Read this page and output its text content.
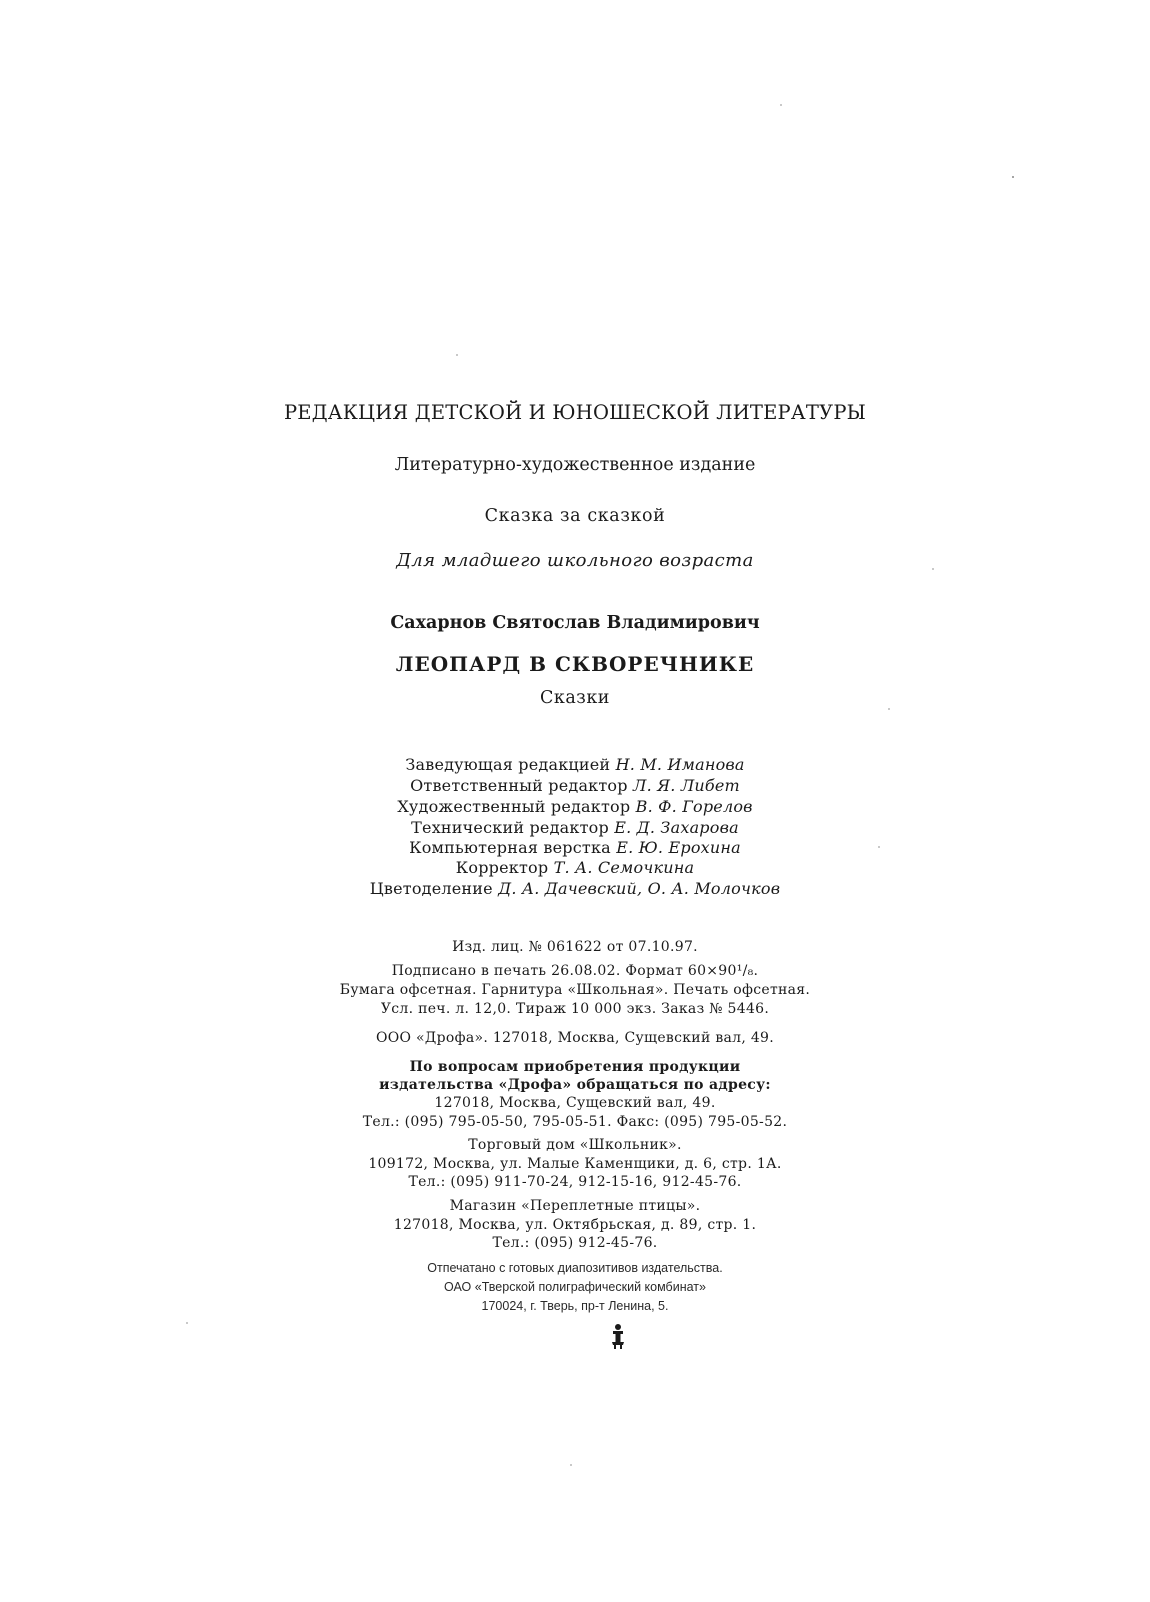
РЕДАКЦИЯ ДЕТСКОЙ И ЮНОШЕСКОЙ ЛИТЕРАТУРЫ
Литературно-художественное издание
Сказка за сказкой
Для младшего школьного возраста
Сахарнов Святослав Владимирович
ЛЕОПАРД В СКВОРЕЧНИКЕ
Сказки
Заведующая редакцией Н. М. Иманова
Ответственный редактор Л. Я. Либет
Художественный редактор В. Ф. Горелов
Технический редактор Е. Д. Захарова
Компьютерная верстка Е. Ю. Ерохина
Корректор Т. А. Семочкина
Цветоделение Д. А. Дачевский, О. А. Молочков
Изд. лиц. № 061622 от 07.10.97.
Подписано в печать 26.08.02. Формат 60×90¹/₈.
Бумага офсетная. Гарнитура «Школьная». Печать офсетная.
Усл. печ. л. 12,0. Тираж 10 000 экз. Заказ № 5446.
ООО «Дрофа». 127018, Москва, Сущевский вал, 49.
По вопросам приобретения продукции
издательства «Дрофа» обращаться по адресу:
127018, Москва, Сущевский вал, 49.
Тел.: (095) 795-05-50, 795-05-51. Факс: (095) 795-05-52.
Торговый дом «Школьник».
109172, Москва, ул. Малые Каменщики, д. 6, стр. 1А.
Тел.: (095) 911-70-24, 912-15-16, 912-45-76.
Магазин «Переплетные птицы».
127018, Москва, ул. Октябрьская, д. 89, стр. 1.
Тел.: (095) 912-45-76.
Отпечатано с готовых диапозитивов издательства.
ОАО «Тверской полиграфический комбинат»
170024, г. Тверь, пр-т Ленина, 5.
